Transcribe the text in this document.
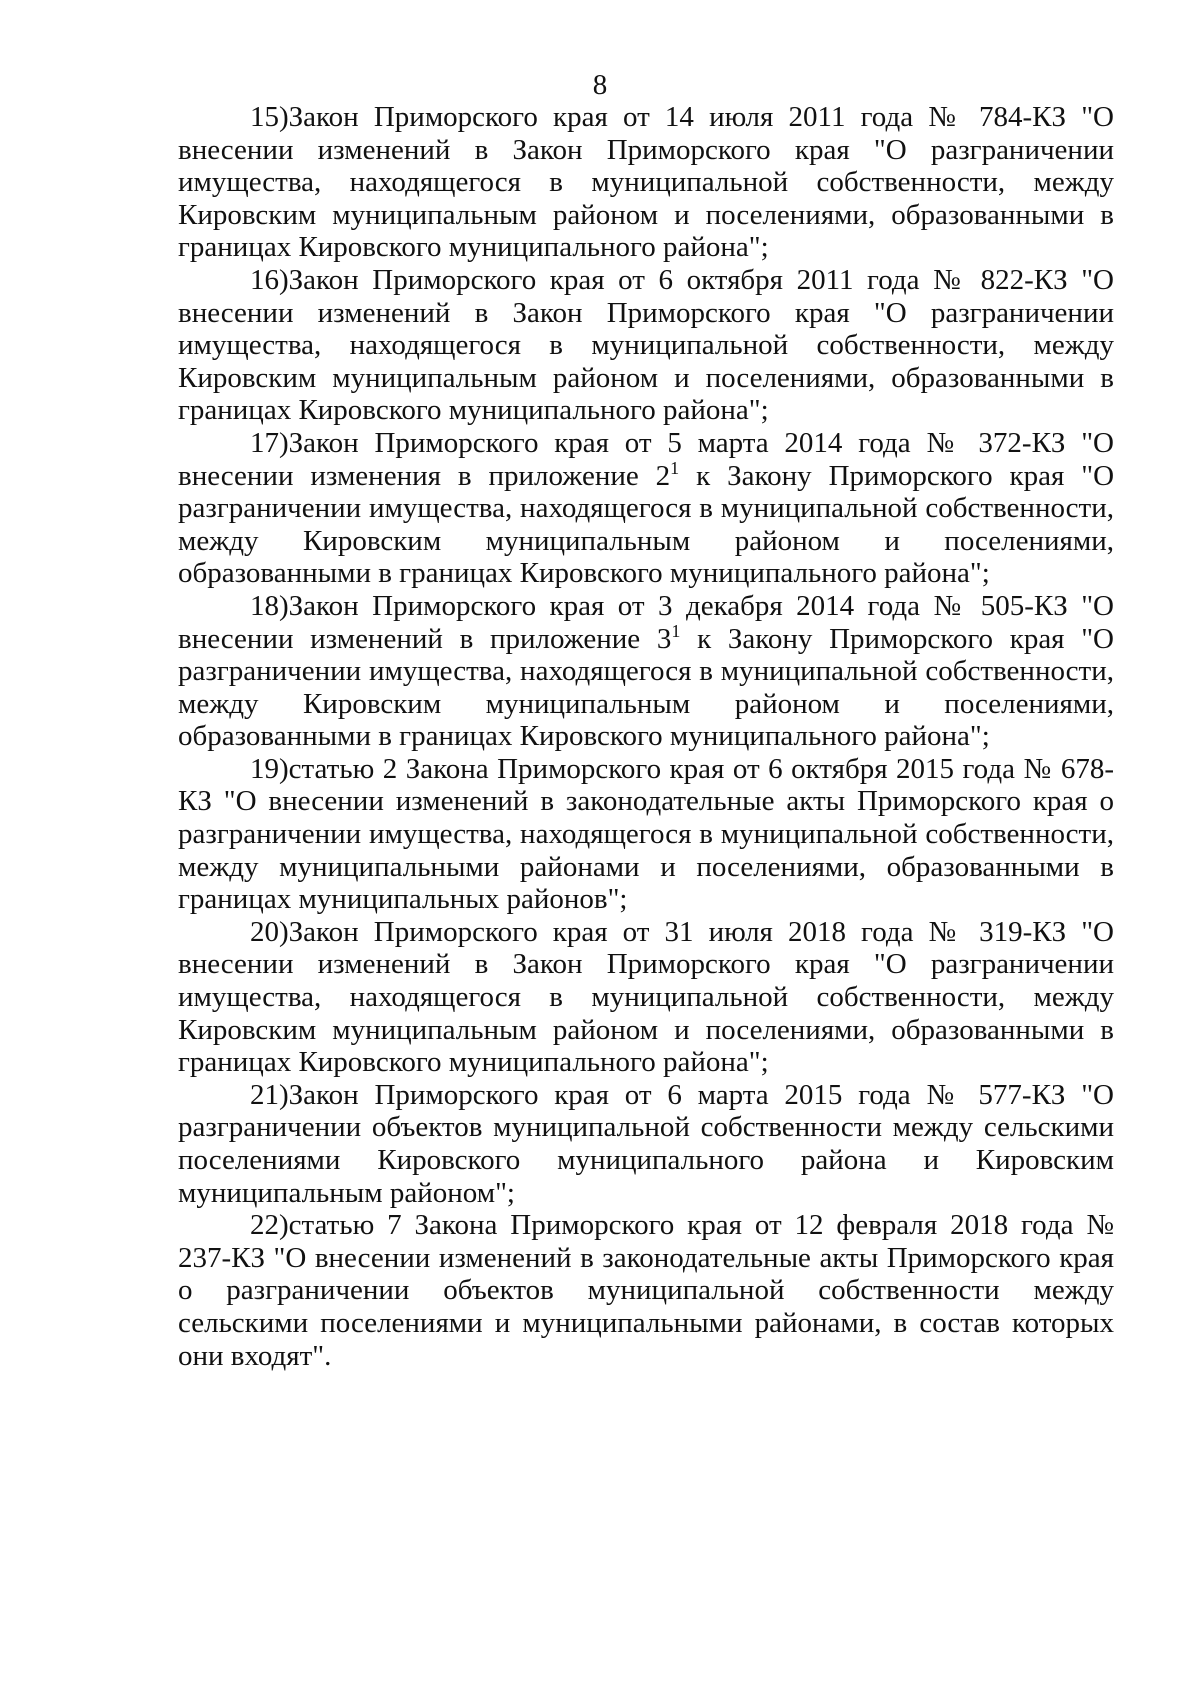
8

15)Закон Приморского края от 14 июля 2011 года № 784-КЗ "О внесении изменений в Закон Приморского края "О разграничении имущества, находящегося в муниципальной собственности, между Кировским муниципальным районом и поселениями, образованными в границах Кировского муниципального района";

16)Закон Приморского края от 6 октября 2011 года № 822-КЗ "О внесении изменений в Закон Приморского края "О разграничении имущества, находящегося в муниципальной собственности, между Кировским муниципальным районом и поселениями, образованными в границах Кировского муниципального района";

17)Закон Приморского края от 5 марта 2014 года № 372-КЗ "О внесении изменения в приложение $2^1$ к Закону Приморского края "О разграничении имущества, находящегося в муниципальной собственности, между Кировским муниципальным районом и поселениями, образованными в границах Кировского муниципального района";

18)Закон Приморского края от 3 декабря 2014 года № 505-КЗ "О внесении изменений в приложение $3^1$ к Закону Приморского края "О разграничении имущества, находящегося в муниципальной собственности, между Кировским муниципальным районом и поселениями, образованными в границах Кировского муниципального района";

19)статью 2 Закона Приморского края от 6 октября 2015 года № 678-КЗ "О внесении изменений в законодательные акты Приморского края о разграничении имущества, находящегося в муниципальной собственности, между муниципальными районами и поселениями, образованными в границах муниципальных районов";

20)Закон Приморского края от 31 июля 2018 года № 319-КЗ "О внесении изменений в Закон Приморского края "О разграничении имущества, находящегося в муниципальной собственности, между Кировским муниципальным районом и поселениями, образованными в границах Кировского муниципального района";

21)Закон Приморского края от 6 марта 2015 года № 577-КЗ "О разграничении объектов муниципальной собственности между сельскими поселениями Кировского муниципального района и Кировским муниципальным районом";

22)статью 7 Закона Приморского края от 12 февраля 2018 года № 237-КЗ "О внесении изменений в законодательные акты Приморского края о разграничении объектов муниципальной собственности между сельскими поселениями и муниципальными районами, в состав которых они входят".
